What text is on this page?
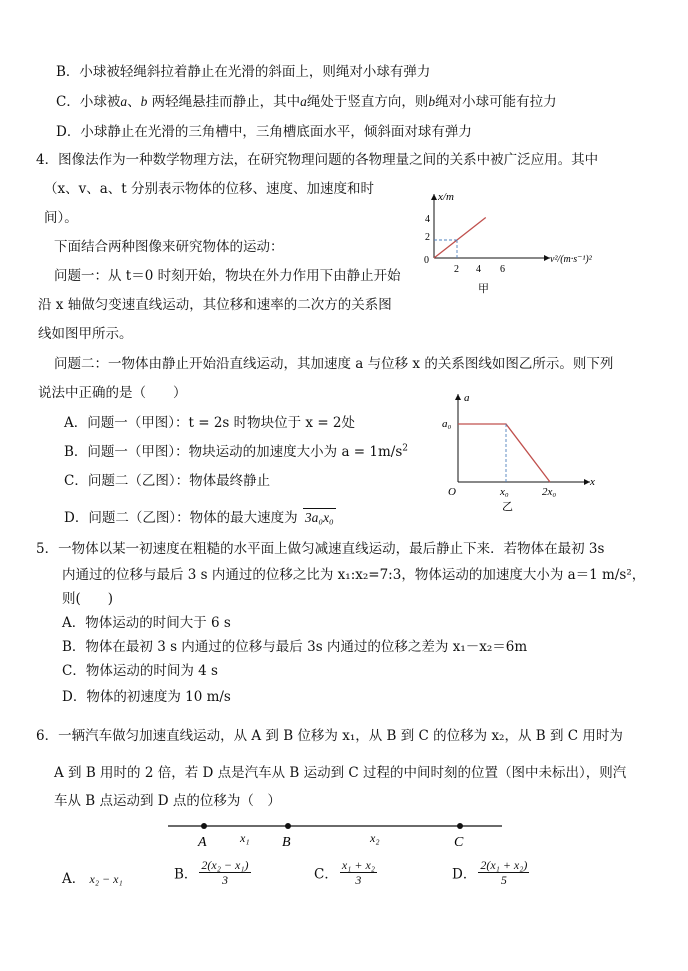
B．小球被轻绳斜拉着静止在光滑的斜面上，则绳对小球有弹力
C．小球被a、b 两轻绳悬挂而静止，其中a绳处于竖直方向，则b绳对小球可能有拉力
D．小球静止在光滑的三角槽中，三角槽底面水平，倾斜面对球有弹力
4．图像法作为一种数学物理方法，在研究物理问题的各物理量之间的关系中被广泛应用。其中
（x、v、a、t 分别表示物体的位移、速度、加速度和时
间）。
下面结合两种图像来研究物体的运动：
问题一：从 t＝0 时刻开始，物块在外力作用下由静止开始
沿 x 轴做匀变速直线运动，其位移和速率的二次方的关系图
线如图甲所示。
问题二：一物体由静止开始沿直线运动，其加速度 a 与位移 x 的关系图线如图乙所示。则下列
说法中正确的是（　　）
A．问题一（甲图）：t = 2s 时物块位于 x = 2处
B．问题一（甲图）：物块运动的加速度大小为 $a = 1m/s^2$
C．问题二（乙图）：物体最终静止
D．问题二（乙图）：物体的最大速度为 3a₀x₀
x/m
v²/(m·s⁻¹)²
0
4
2
2 4 6
甲
a
x
a₀
O	x₀	2x₀
乙
5．一物体以某一初速度在粗糙的水平面上做匀减速直线运动，最后静止下来．若物体在最初 3s
内通过的位移与最后 3 s 内通过的位移之比为 x₁:x₂=7:3，物体运动的加速度大小为 a＝1 m/s²，
则(　　)
A．物体运动的时间大于 6 s
B．物体在最初 3 s 内通过的位移与最后 3s 内通过的位移之差为 x₁－x₂＝6m
C．物体运动的时间为 4 s
D．物体的初速度为 10 m/s
6．一辆汽车做匀加速直线运动，从 A 到 B 位移为 x₁，从 B 到 C 的位移为 x₂，从 B 到 C 用时为
A 到 B 用时的 2 倍，若 D 点是汽车从 B 运动到 C 过程的中间时刻的位置（图中未标出），则汽
车从 B 点运动到 D 点的位移为（　）
A	B	C
x₁	x₂
A． x₂ − x₁	B． $\frac{\text{2(x₂ − x₁)}}{3}$	C． $\frac{\text{x₁ + x₂}}{3}$	D． $\frac{\text{2(x₁ + x₂)}}{5}$
